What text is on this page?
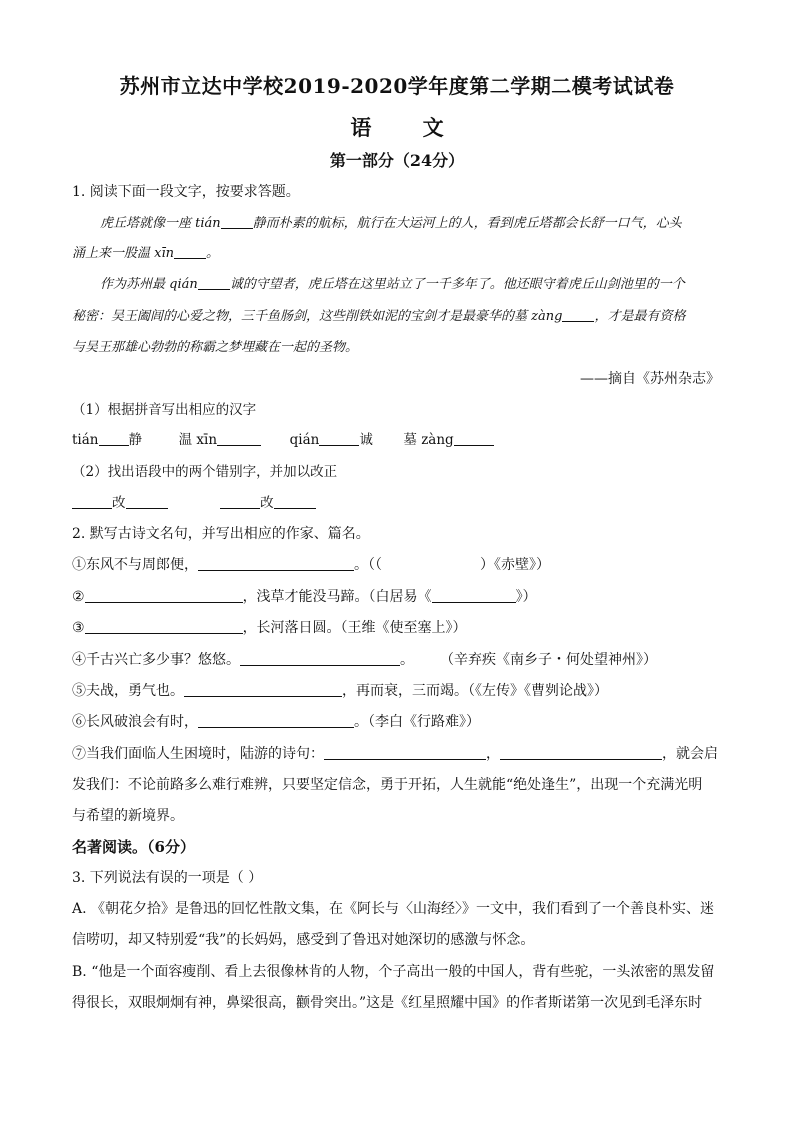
苏州市立达中学校2019-2020学年度第二学期二模考试试卷
语 文
第一部分（24分）
1. 阅读下面一段文字，按要求答题。
虎丘塔就像一座 tián 静而朴素的航标，航行在大运河上的人，看到虎丘塔都会长舒一口气，心头
涌上来一股温 xīn 。
作为苏州最 qián 诚的守望者，虎丘塔在这里站立了一千多年了。他还眼守着虎丘山剑池里的一个
秘密：吴王阖闾的心爱之物，三千鱼肠剑，这些削铁如泥的宝剑才是最豪华的墓 zàng ，才是最有资格
与吴王那雄心勃勃的称霸之梦埋藏在一起的圣物。
——摘自《苏州杂志》
（1）根据拼音写出相应的汉字
tián 静	温 xīn	qián	诚 墓 zàng
（2）找出语段中的两个错别字，并加以改正
改	改
2. 默写古诗文名句，并写出相应的作家、篇名。
①东风不与周郎便，	。（（	）《赤壁》）
②	，浅草才能没马蹄。（白居易《	》）
③	，长河落日圆。（王维《使至塞上》）
④千古兴亡多少事？悠悠。	。 （辛弃疾《南乡子・何处望神州》）
⑤夫战，勇气也。	，再而衰，三而竭。（《左传》《曹刿论战》）
⑥长风破浪会有时，	。（李白《行路难》）
⑦当我们面临人生困境时，陆游的诗句：	，	，就会启
发我们：不论前路多么难行难辨，只要坚定信念，勇于开拓，人生就能“绝处逢生”，出现一个充满光明
与希望的新境界。
名著阅读。（6分）
3. 下列说法有误的一项是（ ）
A. 《朝花夕拾》是鲁迅的回忆性散文集，在《阿长与〈山海经〉》一文中，我们看到了一个善良朴实、迷
信唠叨，却又特别爱“我”的长妈妈，感受到了鲁迅对她深切的感激与怀念。
B. “他是一个面容瘦削、看上去很像林肯的人物，个子高出一般的中国人，背有些驼，一头浓密的黑发留
得很长，双眼炯炯有神，鼻梁很高，颧骨突出。”这是《红星照耀中国》的作者斯诺第一次见到毛泽东时
